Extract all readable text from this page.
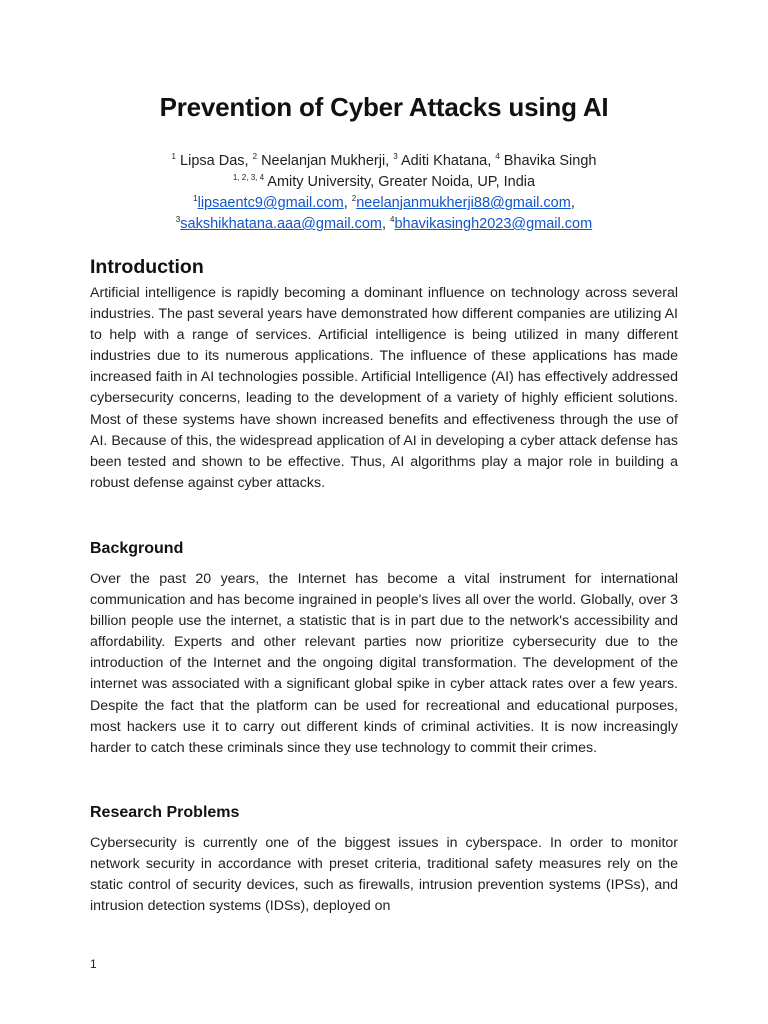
Prevention of Cyber Attacks using AI
$^1$ Lipsa Das, $^2$ Neelanjan Mukherji, $^3$ Aditi Khatana, $^4$ Bhavika Singh
$^{1, 2, 3, 4}$ Amity University, Greater Noida, UP, India
$^1$lipsaentc9@gmail.com, $^2$neelanjanmukherji88@gmail.com,
$^3$sakshikhatana.aaa@gmail.com, $^4$bhavikasingh2023@gmail.com
Introduction

Artificial intelligence is rapidly becoming a dominant influence on technology across several industries. The past several years have demonstrated how different companies are utilizing AI to help with a range of services. Artificial intelligence is being utilized in many different industries due to its numerous applications. The influence of these applications has made increased faith in AI technologies possible. Artificial Intelligence (AI) has effectively addressed cybersecurity concerns, leading to the development of a variety of highly efficient solutions. Most of these systems have shown increased benefits and effectiveness through the use of AI. Because of this, the widespread application of AI in developing a cyber attack defense has been tested and shown to be effective. Thus, AI algorithms play a major role in building a robust defense against cyber attacks.

Background

Over the past 20 years, the Internet has become a vital instrument for international communication and has become ingrained in people's lives all over the world. Globally, over 3 billion people use the internet, a statistic that is in part due to the network's accessibility and affordability. Experts and other relevant parties now prioritize cybersecurity due to the introduction of the Internet and the ongoing digital transformation. The development of the internet was associated with a significant global spike in cyber attack rates over a few years. Despite the fact that the platform can be used for recreational and educational purposes, most hackers use it to carry out different kinds of criminal activities. It is now increasingly harder to catch these criminals since they use technology to commit their crimes.

Research Problems

Cybersecurity is currently one of the biggest issues in cyberspace. In order to monitor network security in accordance with preset criteria, traditional safety measures rely on the static control of security devices, such as firewalls, intrusion prevention systems (IPSs), and intrusion detection systems (IDSs), deployed on

1
